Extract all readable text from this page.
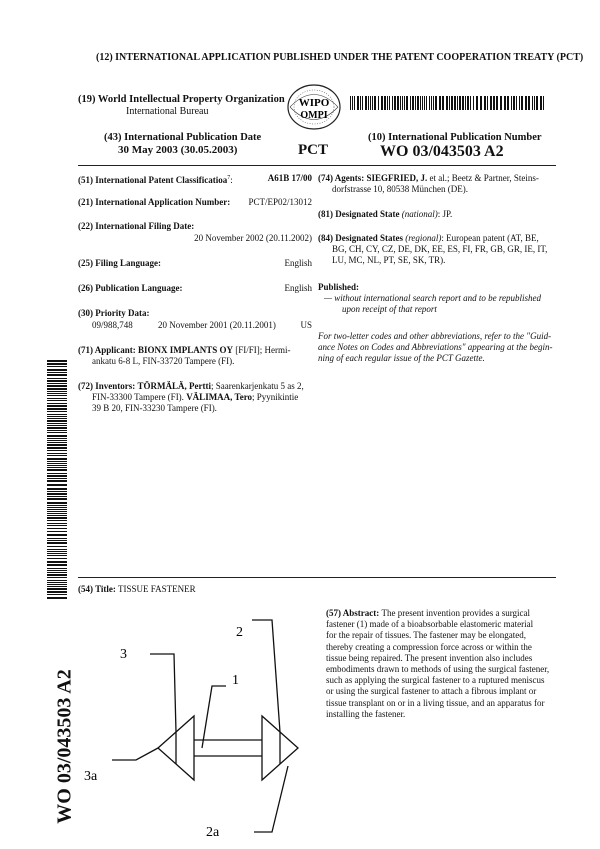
(12) INTERNATIONAL APPLICATION PUBLISHED UNDER THE PATENT COOPERATION TREATY (PCT)
(19) World Intellectual Property Organization
International Bureau
WIPO
OMPI
(43) International Publication Date
30 May 2003 (30.05.2003)	PCT
(10) International Publication Number
WO 03/043503 A2
(51) International Patent Classificatioa$^7$:	A61B 17/00
(21) International Application Number: PCT/EP02/13012
(22) International Filing Date:
20 November 2002 (20.11.2002)
(25) Filing Language:	English
(26) Publication Language:	English
(30) Priority Data:
09/988,748	20 November 2001 (20.11.2001)	US
(71) Applicant: BIONX IMPLANTS OY [FI/FI]; Hermi-
ankatu 6-8 L, FIN-33720 Tampere (FI).
(72) Inventors: TÖRMÄLÄ, Pertti; Saarenkarjenkatu 5 as 2,
FIN-33300 Tampere (FI). VÄLIMAA, Tero; Pyynikintie
39 B 20, FIN-33230 Tampere (FI).
(74) Agents: SIEGFRIED, J. et al.; Beetz & Partner, Steins-
dorfstrasse 10, 80538 München (DE).
(81) Designated State (national): JP.
(84) Designated States (regional): European patent (AT, BE,
BG, CH, CY, CZ, DE, DK, EE, ES, FI, FR, GB, GR, IE, IT,
LU, MC, NL, PT, SE, SK, TR).
Published:
— without international search report and to be republished
upon receipt of that report
For two-letter codes and other abbreviations, refer to the "Guid-
ance Notes on Codes and Abbreviations" appearing at the begin-
ning of each regular issue of the PCT Gazette.
WO 03/043503 A2
(54) Title: TISSUE FASTENER
2
3
1
3a
2a
(57) Abstract: The present invention provides a surgical
fastener (1) made of a bioabsorbable elastomeric material
for the repair of tissues. The fastener may be elongated,
thereby creating a compression force across or within the
tissue being repaired. The present invention also includes
embodiments drawn to methods of using the surgical fastener,
such as applying the surgical fastener to a ruptured meniscus
or using the surgical fastener to attach a fibrous implant or
tissue transplant on or in a living tissue, and an apparatus for
installing the fastener.
